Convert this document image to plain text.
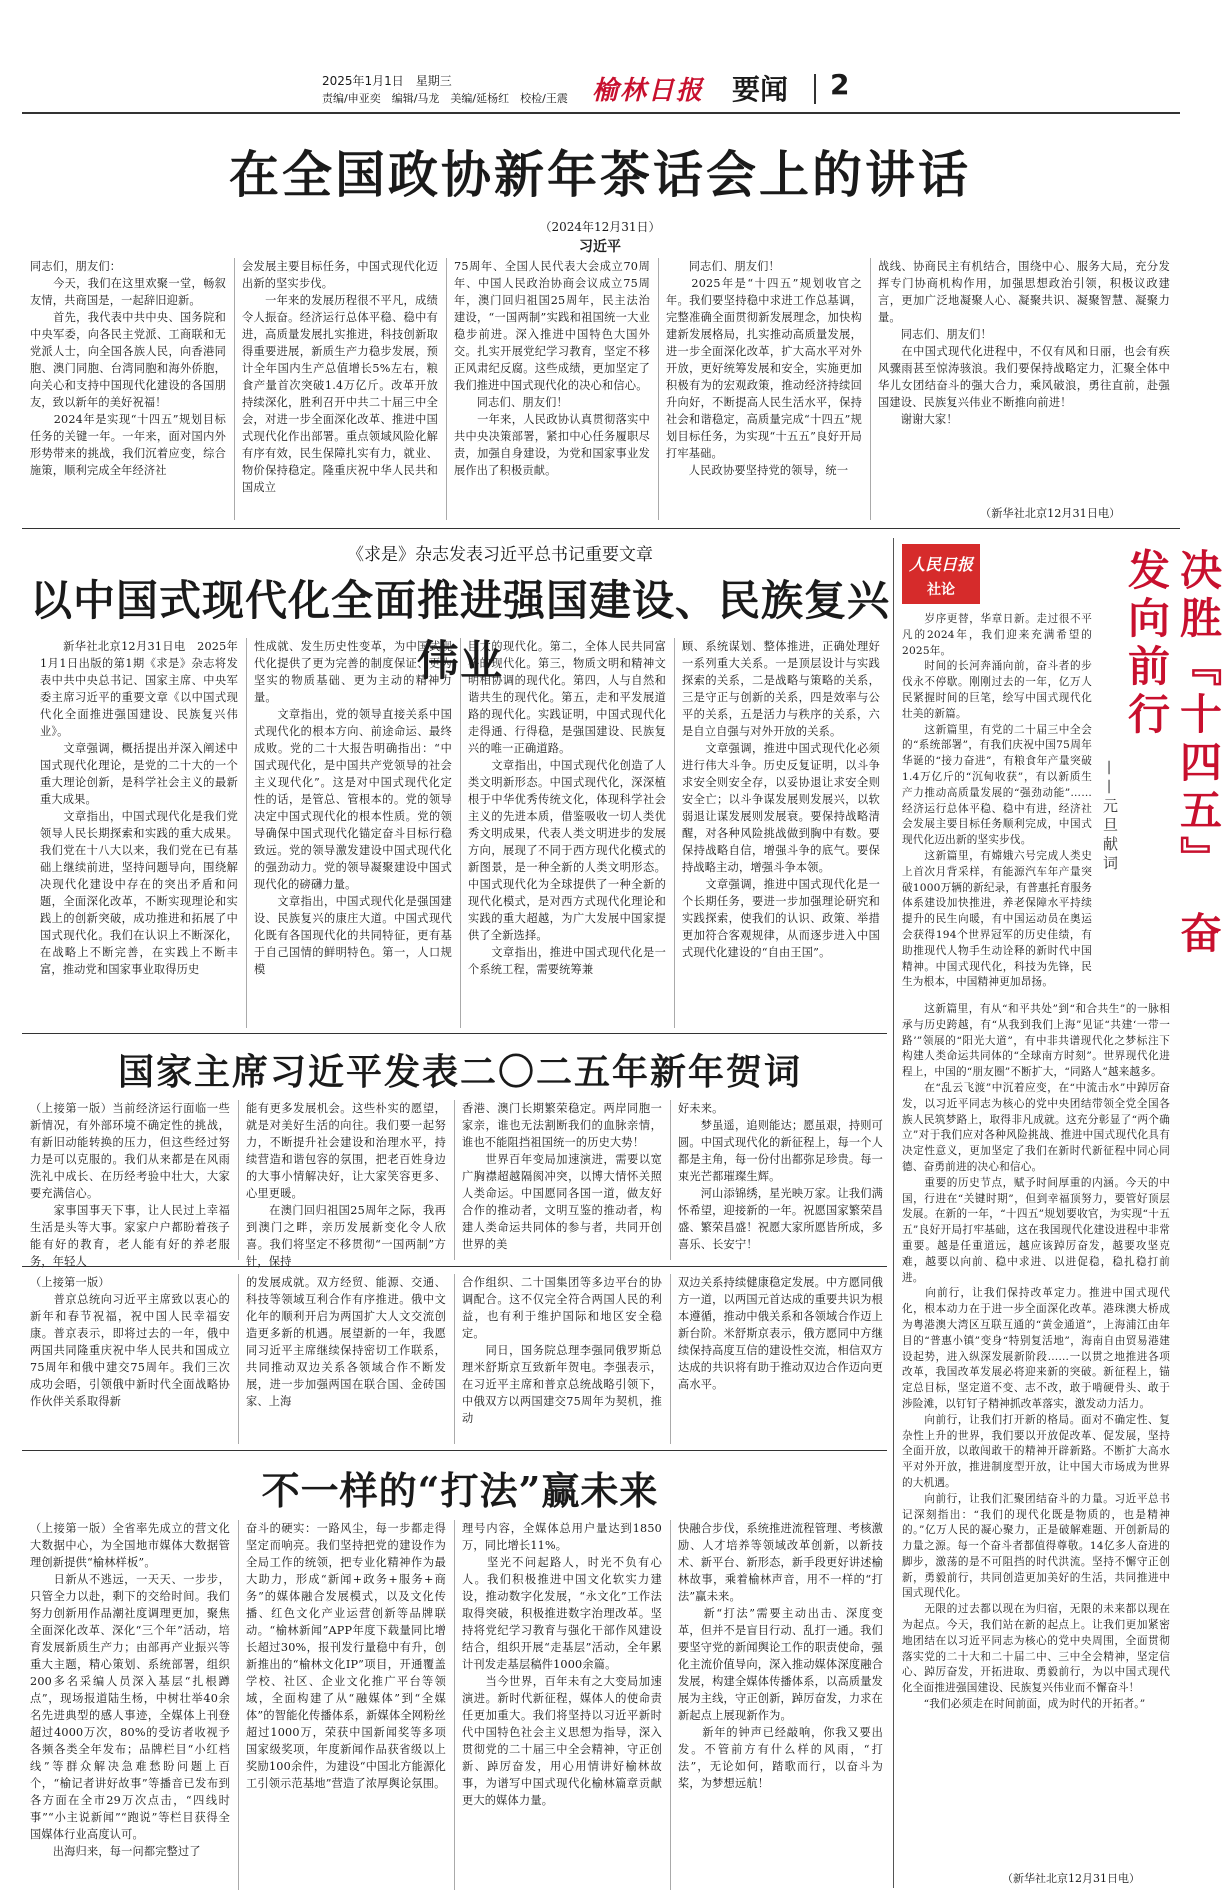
2025年1月1日　星期三
责编/申亚奕　编辑/马龙　美编/延杨红　校检/王震 榆林日报 要闻 2
在全国政协新年茶话会上的讲话
（2024年12月31日）
习近平
同志们，朋友们：
　　今天，我们在这里欢聚一堂，畅叙友情，共商国是，一起辞旧迎新。
　　首先，我代表中共中央、国务院和中央军委，向各民主党派、工商联和无党派人士，向全国各族人民，向香港同胞、澳门同胞、台湾同胞和海外侨胞，向关心和支持中国现代化建设的各国朋友，致以新年的美好祝福！
　　2024年是实现“十四五”规划目标任务的关键一年。一年来，面对国内外形势带来的挑战，我们沉着应变，综合施策，顺利完成全年经济社
会发展主要目标任务，中国式现代化迈出新的坚实步伐。
　　一年来的发展历程很不平凡，成绩令人振奋。经济运行总体平稳、稳中有进，高质量发展扎实推进，科技创新取得重要进展，新质生产力稳步发展，预计全年国内生产总值增长5%左右，粮食产量首次突破1.4万亿斤。改革开放持续深化，胜利召开中共二十届三中全会，对进一步全面深化改革、推进中国式现代化作出部署。重点领域风险化解有序有效，民生保障扎实有力，就业、物价保持稳定。隆重庆祝中华人民共和国成立
75周年、全国人民代表大会成立70周年、中国人民政治协商会议成立75周年，澳门回归祖国25周年，民主法治建设，“一国两制”实践和祖国统一大业稳步前进。深入推进中国特色大国外交。扎实开展党纪学习教育，坚定不移正风肃纪反腐。这些成绩，更加坚定了我们推进中国式现代化的决心和信心。
　　同志们、朋友们！
　　一年来，人民政协认真贯彻落实中共中央决策部署，紧扣中心任务履职尽责，加强自身建设，为党和国家事业发展作出了积极贡献。
　　同志们、朋友们！
　　2025年是“十四五”规划收官之年。我们要坚持稳中求进工作总基调，完整准确全面贯彻新发展理念，加快构建新发展格局，扎实推动高质量发展，进一步全面深化改革，扩大高水平对外开放，更好统筹发展和安全，实施更加积极有为的宏观政策，推动经济持续回升向好，不断提高人民生活水平，保持社会和谐稳定，高质量完成“十四五”规划目标任务，为实现“十五五”良好开局打牢基础。
　　人民政协要坚持党的领导，统一
战线、协商民主有机结合，围绕中心、服务大局，充分发挥专门协商机构作用，加强思想政治引领，积极议政建言，更加广泛地凝聚人心、凝聚共识、凝聚智慧、凝聚力量。
　　同志们、朋友们！
　　在中国式现代化进程中，不仅有风和日丽，也会有疾风骤雨甚至惊涛骇浪。我们要保持战略定力，汇聚全体中华儿女团结奋斗的强大合力，乘风破浪，勇往直前，赴强国建设、民族复兴伟业不断推向前进！
　　谢谢大家！
（新华社北京12月31日电）
《求是》杂志发表习近平总书记重要文章
以中国式现代化全面推进强国建设、民族复兴伟业
　　新华社北京12月31日电　2025年1月1日出版的第1期《求是》杂志将发表中共中央总书记、国家主席、中央军委主席习近平的重要文章《以中国式现代化全面推进强国建设、民族复兴伟业》。
　　文章强调，概括提出并深入阐述中国式现代化理论，是党的二十大的一个重大理论创新，是科学社会主义的最新重大成果。
　　文章指出，中国式现代化是我们党领导人民长期探索和实践的重大成果。我们党在十八大以来，我们党在已有基础上继续前进，坚持问题导向，围绕解决现代化建设中存在的突出矛盾和问题，全面深化改革，不断实现理论和实践上的创新突破，成功推进和拓展了中国式现代化。我们在认识上不断深化，在战略上不断完善，在实践上不断丰富，推动党和国家事业取得历史
性成就、发生历史性变革，为中国式现代化提供了更为完善的制度保证、更为坚实的物质基础、更为主动的精神力量。
　　文章指出，党的领导直接关系中国式现代化的根本方向、前途命运、最终成败。党的二十大报告明确指出：“中国式现代化，是中国共产党领导的社会主义现代化”。这是对中国式现代化定性的话，是管总、管根本的。党的领导决定中国式现代化的根本性质。党的领导确保中国式现代化锚定奋斗目标行稳致远。党的领导激发建设中国式现代化的强劲动力。党的领导凝聚建设中国式现代化的磅礴力量。
　　文章指出，中国式现代化是强国建设、民族复兴的康庄大道。中国式现代化既有各国现代化的共同特征，更有基于自己国情的鲜明特色。第一，人口规模
巨大的现代化。第二，全体人民共同富裕的现代化。第三，物质文明和精神文明相协调的现代化。第四，人与自然和谐共生的现代化。第五，走和平发展道路的现代化。实践证明，中国式现代化走得通、行得稳，是强国建设、民族复兴的唯一正确道路。
　　文章指出，中国式现代化创造了人类文明新形态。中国式现代化，深深植根于中华优秀传统文化，体现科学社会主义的先进本质，借鉴吸收一切人类优秀文明成果，代表人类文明进步的发展方向，展现了不同于西方现代化模式的新图景，是一种全新的人类文明形态。中国式现代化为全球提供了一种全新的现代化模式，是对西方式现代化理论和实践的重大超越，为广大发展中国家提供了全新选择。
　　文章指出，推进中国式现代化是一个系统工程，需要统筹兼
顾、系统谋划、整体推进，正确处理好一系列重大关系。一是顶层设计与实践探索的关系，二是战略与策略的关系，三是守正与创新的关系，四是效率与公平的关系，五是活力与秩序的关系，六是自立自强与对外开放的关系。
　　文章强调，推进中国式现代化必须进行伟大斗争。历史反复证明，以斗争求安全则安全存，以妥协退让求安全则安全亡；以斗争谋发展则发展兴，以软弱退让谋发展则发展衰。要保持战略清醒，对各种风险挑战做到胸中有数。要保持战略自信，增强斗争的底气。要保持战略主动，增强斗争本领。
　　文章强调，推进中国式现代化是一个长期任务，要进一步加强理论研究和实践探索，使我们的认识、政策、举措更加符合客观规律，从而逐步进入中国式现代化建设的“自由王国”。
人民日报
社论	决胜『十四五』　奋发向前行
——元旦献词
　　岁序更替，华章日新。走过很不平凡的2024年，我们迎来充满希望的2025年。
　　时间的长河奔涌向前，奋斗者的步伐永不停歇。刚刚过去的一年，亿万人民紧握时间的巨笔，绘写中国式现代化壮美的新篇。
　　这新篇里，有党的二十届三中全会的“系统部署”，有我们庆祝中国75周年华诞的“接力奋进”，有粮食年产量突破1.4万亿斤的“沉甸收获”，有以新质生产力推动高质量发展的“强劲动能”……经济运行总体平稳、稳中有进，经济社会发展主要目标任务顺利完成，中国式现代化迈出新的坚实步伐。
　　这新篇里，有嫦娥六号完成人类史上首次月背采样，有能源汽车年产量突破1000万辆的新纪录，有普惠托育服务体系建设加快推进，养老保障水平持续提升的民生向暖，有中国运动员在奥运会获得194个世界冠军的历史佳绩，有助推现代人物手生动诠释的新时代中国精神。中国式现代化，科技为先锋，民生为根本，中国精神更加昂扬。

　　这新篇里，有从“和平共处”到“和合共生”的一脉相承与历史跨越，有“从我到我们上海”见证“共建‘一带一路’”领展的“阳光大道”，有中非共谱现代化之梦标注下构建人类命运共同体的“全球南方时刻”。世界现代化进程上，中国的“朋友圈”不断扩大，“同路人”越来越多。
　　在“乱云飞渡”中沉着应变，在“中流击水”中踔厉奋发，以习近平同志为核心的党中央团结带领全党全国各族人民筑梦路上，取得非凡成就。这充分彰显了“两个确立”对于我们应对各种风险挑战、推进中国式现代化具有决定性意义，更加坚定了我们在新时代新征程中同心同德、奋勇前进的决心和信心。
　　重要的历史节点，赋予时间厚重的内涵。今天的中国，行进在“关键时期”，但到幸福顶努力，要管好顶层发展。在新的一年，“十四五”规划要收官，为实现“十五五”良好开局打牢基础，这在我国现代化建设进程中非常重要。越是任重道远，越应该踔厉奋发，越要攻坚克难，越要以向前、稳中求进、以进促稳，稳扎稳打前进。
　　向前行，让我们保持改革定力。推进中国式现代化，根本动力在于进一步全面深化改革。港珠澳大桥成为粤港澳大湾区互联互通的“黄金通道”，上海浦江由年目的“普惠小镇”变身“特别复活地”，海南自由贸易港建设起势，进入纵深发展新阶段……一以贯之地推进各项改革，我国改革发展必将迎来新的突破。新征程上，锚定总目标，坚定道不变、志不改，敢于啃硬骨头、敢于涉险滩，以钉钉子精神抓改革落实，激发动力活力。
　　向前行，让我们打开新的格局。面对不确定性、复杂性上升的世界，我们要以开放促改革、促发展，坚持全面开放，以敢闯敢干的精神开辟新路。不断扩大高水平对外开放，推进制度型开放，让中国大市场成为世界的大机遇。
　　向前行，让我们汇聚团结奋斗的力量。习近平总书记深刻指出：“我们的现代化既是物质的，也是精神的。”亿万人民的凝心聚力，正是破解难题、开创新局的力量之源。每一个奋斗者都值得尊敬。14亿多人奋进的脚步，激荡的是不可阻挡的时代洪流。坚持不懈守正创新，勇毅前行，共同创造更加美好的生活，共同推进中国式现代化。
　　无限的过去都以现在为归宿，无限的未来都以现在为起点。今天，我们站在新的起点上。让我们更加紧密地团结在以习近平同志为核心的党中央周围，全面贯彻落实党的二十大和二十届二中、三中全会精神，坚定信心、踔厉奋发，开拓进取、勇毅前行，为以中国式现代化全面推进强国建设、民族复兴伟业而不懈奋斗！
　　“我们必须走在时间前面，成为时代的开拓者。”
（新华社北京12月31日电）
国家主席习近平发表二〇二五年新年贺词
（上接第一版）当前经济运行面临一些新情况，有外部环境不确定性的挑战，有新旧动能转换的压力，但这些经过努力是可以克服的。我们从来都是在风雨洗礼中成长、在历经考验中壮大，大家要充满信心。
　　家事国事天下事，让人民过上幸福生活是头等大事。家家户户都盼着孩子能有好的教育，老人能有好的养老服务，年轻人
能有更多发展机会。这些朴实的愿望，就是对美好生活的向往。我们要一起努力，不断提升社会建设和治理水平，持续营造和谐包容的氛围，把老百姓身边的大事小情解决好，让大家笑容更多、心里更暖。
　　在澳门回归祖国25周年之际，我再到澳门之畔，亲历发展新变化令人欣喜。我们将坚定不移贯彻“一国两制”方针，保持
香港、澳门长期繁荣稳定。两岸同胞一家亲，谁也无法割断我们的血脉亲情，谁也不能阻挡祖国统一的历史大势！
　　世界百年变局加速演进，需要以宽广胸襟超越隔阂冲突，以博大情怀关照人类命运。中国愿同各国一道，做友好合作的推动者，文明互鉴的推动者，构建人类命运共同体的参与者，共同开创世界的美
好未来。
　　梦虽遥，追则能达；愿虽艰，持则可圆。中国式现代化的新征程上，每一个人都是主角，每一份付出都弥足珍贵。每一束光芒都璀璨生辉。
　　河山添锦绣，星光映万家。让我们满怀希望，迎接新的一年。祝愿国家繁荣昌盛、繁荣昌盛！祝愿大家所愿皆所成，多喜乐、长安宁！
（上接第一版）
　　普京总统向习近平主席致以衷心的新年和春节祝福，祝中国人民幸福安康。普京表示，即将过去的一年，俄中两国共同隆重庆祝中华人民共和国成立75周年和俄中建交75周年。我们三次成功会晤，引领俄中新时代全面战略协作伙伴关系取得新
的发展成就。双方经贸、能源、交通、科技等领域互利合作有序推进。俄中文化年的顺利开启为两国扩大人文交流创造更多新的机遇。展望新的一年，我愿同习近平主席继续保持密切工作联系，共同推动双边关系各领域合作不断发展，进一步加强两国在联合国、金砖国家、上海
合作组织、二十国集团等多边平台的协调配合。这不仅完全符合两国人民的利益，也有利于维护国际和地区安全稳定。
　　同日，国务院总理李强同俄罗斯总理米舒斯京互致新年贺电。李强表示，在习近平主席和普京总统战略引领下，中俄双方以两国建交75周年为契机，推动
双边关系持续健康稳定发展。中方愿同俄方一道，以两国元首达成的重要共识为根本遵循，推动中俄关系和各领域合作迈上新台阶。米舒斯京表示，俄方愿同中方继续保持高度互信的建设性交流，相信双方达成的共识将有助于推动双边合作迈向更高水平。
不一样的“打法”赢未来
（上接第一版）全省率先成立的营文化大数据中心，为全国地市媒体大数据管理创新提供“榆林样板”。
　　日新从不逃远，一天天、一步步，只管全力以赴，剩下的交给时间。我们努力创新用作品潮社度调理更加，聚焦全面深化改革、深化“三个年”活动，培育发展新质生产力；由部再产业振兴等重大主题，精心策划、系统部署，组织200多名采编人员深入基层“扎根蹲点”，现场报道陆生杨，中树壮举40余名先进典型的感人事迹，全媒体上刊登超过4000万次，80%的受访者收视予各频各类全年发布；品牌栏目“小红档线”等群众解决急难愁盼问题上百个，“榆记者讲好故事”等播音已发布到各方面在全市29万次点击，“四线时事”“小主说新闻”“跑说”等栏目获得全国媒体行业高度认可。
　　出海归来，每一问都完整过了
奋斗的硬实：一路风尘，每一步都走得坚定而响亮。我们坚持把党的建设作为全局工作的统领，把专业化精神作为最大助力，形成“新闻+政务+服务+商务”的媒体融合发展模式，以及文化传播、红色文化产业运营创新等品牌联动。“榆林新闻”APP年度下载量同比增长超过30%，报刊发行量稳中有升，创新推出的“榆林文化IP”项目，开通覆盖学校、社区、企业文化推广平台等领域，全面构建了从“融媒体”到“全媒体”的智能化传播体系，新媒体全网粉丝超过1000万，荣获中国新闻奖等多项国家级奖项，年度新闻作品获省级以上奖励100余件，为建设“中国北方能源化工引领示范基地”营造了浓厚舆论氛围。
理号内容，全媒体总用户量达到1850万，同比增长11%。
　　坚光不问起路人，时光不负有心人。我们积极推进中国文化软实力建设，推动数字化发展，“永文化”工作法取得突破，积极推进数字治理改革。坚持将党纪学习教育与强化干部作风建设结合，组织开展“走基层”活动，全年累计刊发走基层稿件1000余篇。
　　当今世界，百年未有之大变局加速演进。新时代新征程，媒体人的使命责任更加重大。我们将坚持以习近平新时代中国特色社会主义思想为指导，深入贯彻党的二十届三中全会精神，守正创新、踔厉奋发，用心用情讲好榆林故事，为谱写中国式现代化榆林篇章贡献更大的媒体力量。
快融合步伐，系统推进流程管理、考核激励、人才培养等领域改革创新，以新技术、新平台、新形态，新手段更好讲述榆林故事，乘着榆林声音，用不一样的“打法”赢未来。
　　新“打法”需要主动出击、深度变革，但并不是盲目行动、乱打一通。我们要坚守党的新闻舆论工作的职责使命，强化主流价值导向，深入推动媒体深度融合发展，构建全媒体传播体系，以高质量发展为主线，守正创新，踔厉奋发，力求在新起点上展现新作为。
　　新年的钟声已经敲响，你我又要出发。不管前方有什么样的风雨，“打法”，无论如何，踏歌而行，以奋斗为桨，为梦想远航！
